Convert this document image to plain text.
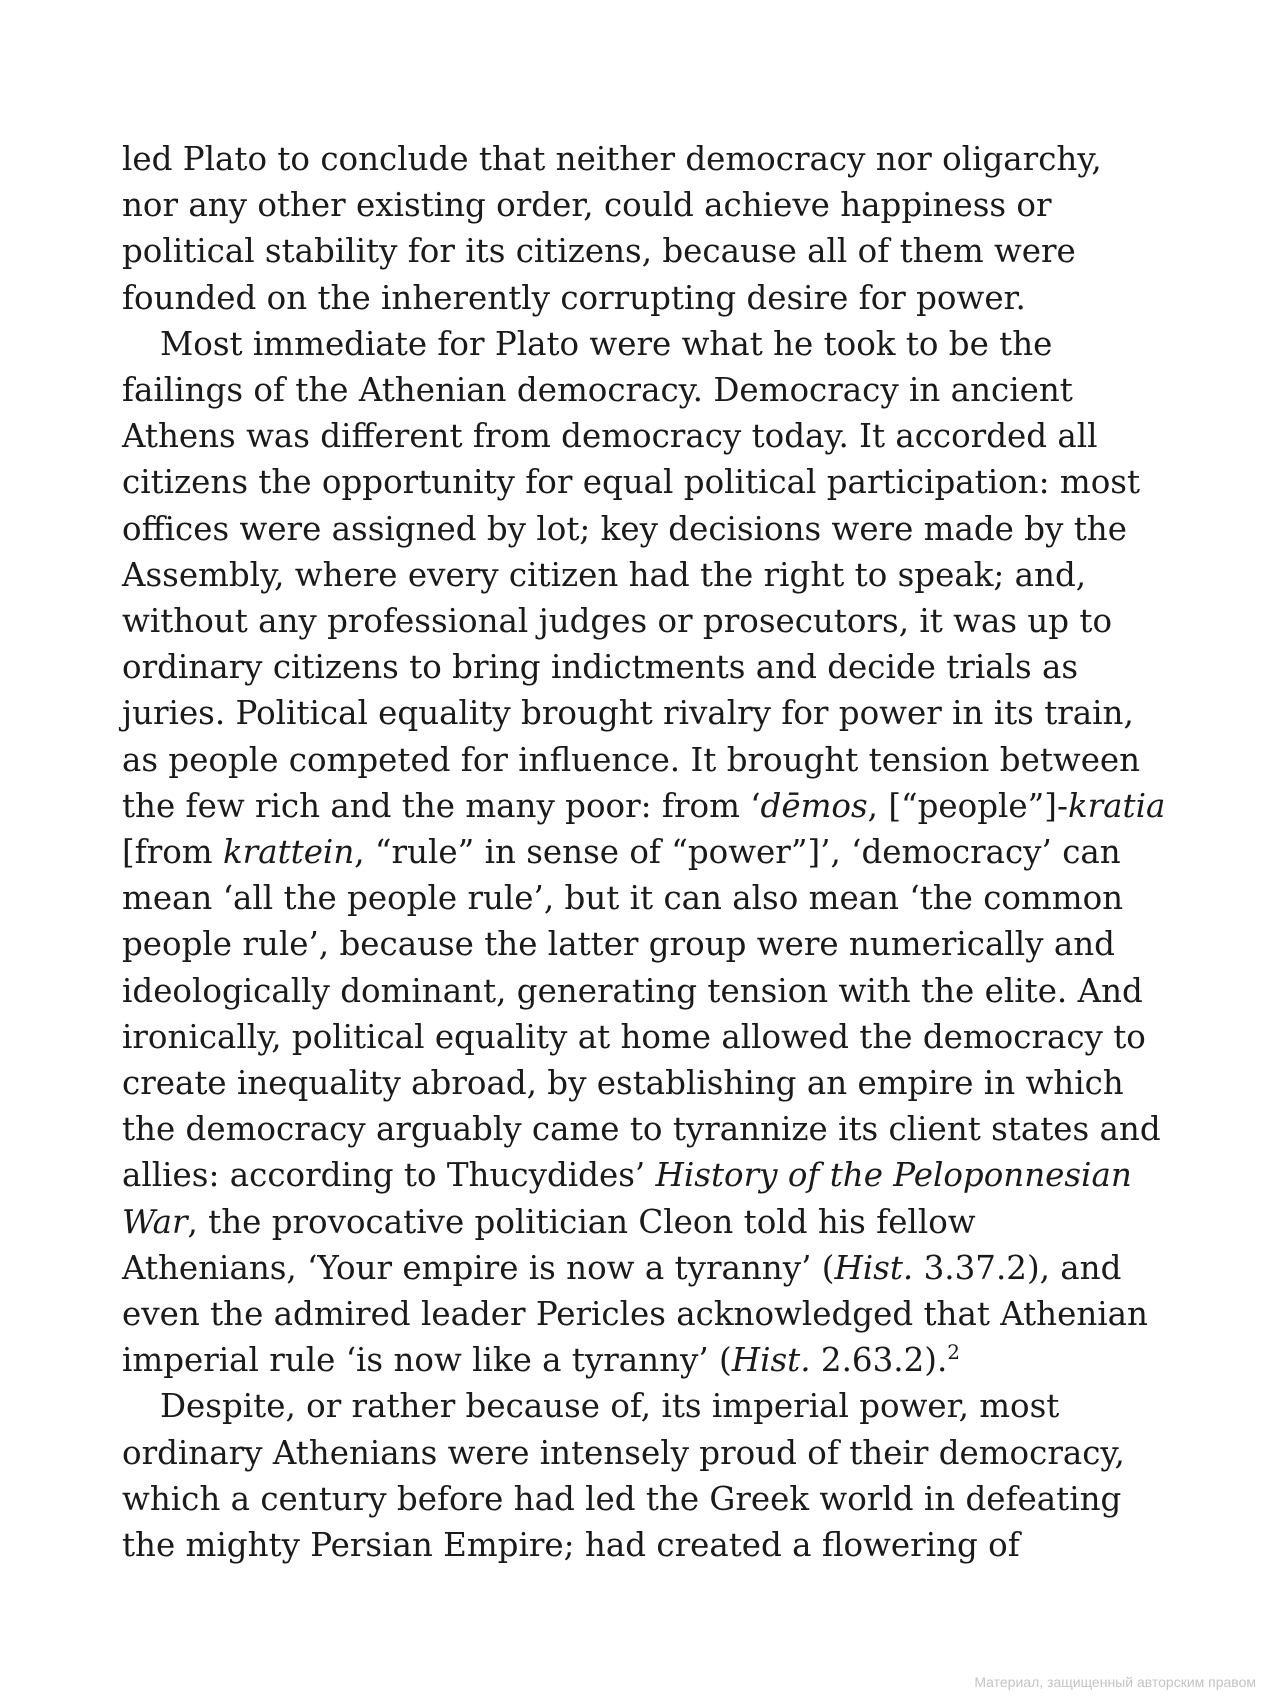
led Plato to conclude that neither democracy nor oligarchy,
nor any other existing order, could achieve happiness or
political stability for its citizens, because all of them were
founded on the inherently corrupting desire for power.
Most immediate for Plato were what he took to be the
failings of the Athenian democracy. Democracy in ancient
Athens was different from democracy today. It accorded all
citizens the opportunity for equal political participation: most
offices were assigned by lot; key decisions were made by the
Assembly, where every citizen had the right to speak; and,
without any professional judges or prosecutors, it was up to
ordinary citizens to bring indictments and decide trials as
juries. Political equality brought rivalry for power in its train,
as people competed for influence. It brought tension between
the few rich and the many poor: from ‘dēmos, [“people”]-kratia
[from krattein, “rule” in sense of “power”]’, ‘democracy’ can
mean ‘all the people rule’, but it can also mean ‘the common
people rule’, because the latter group were numerically and
ideologically dominant, generating tension with the elite. And
ironically, political equality at home allowed the democracy to
create inequality abroad, by establishing an empire in which
the democracy arguably came to tyrannize its client states and
allies: according to Thucydides’ History of the Peloponnesian
War, the provocative politician Cleon told his fellow
Athenians, ‘Your empire is now a tyranny’ (Hist. 3.37.2), and
even the admired leader Pericles acknowledged that Athenian
imperial rule ‘is now like a tyranny’ (Hist. 2.63.2).$^2$
Despite, or rather because of, its imperial power, most
ordinary Athenians were intensely proud of their democracy,
which a century before had led the Greek world in defeating
the mighty Persian Empire; had created a flowering of
Материал, защищенный авторским правом
